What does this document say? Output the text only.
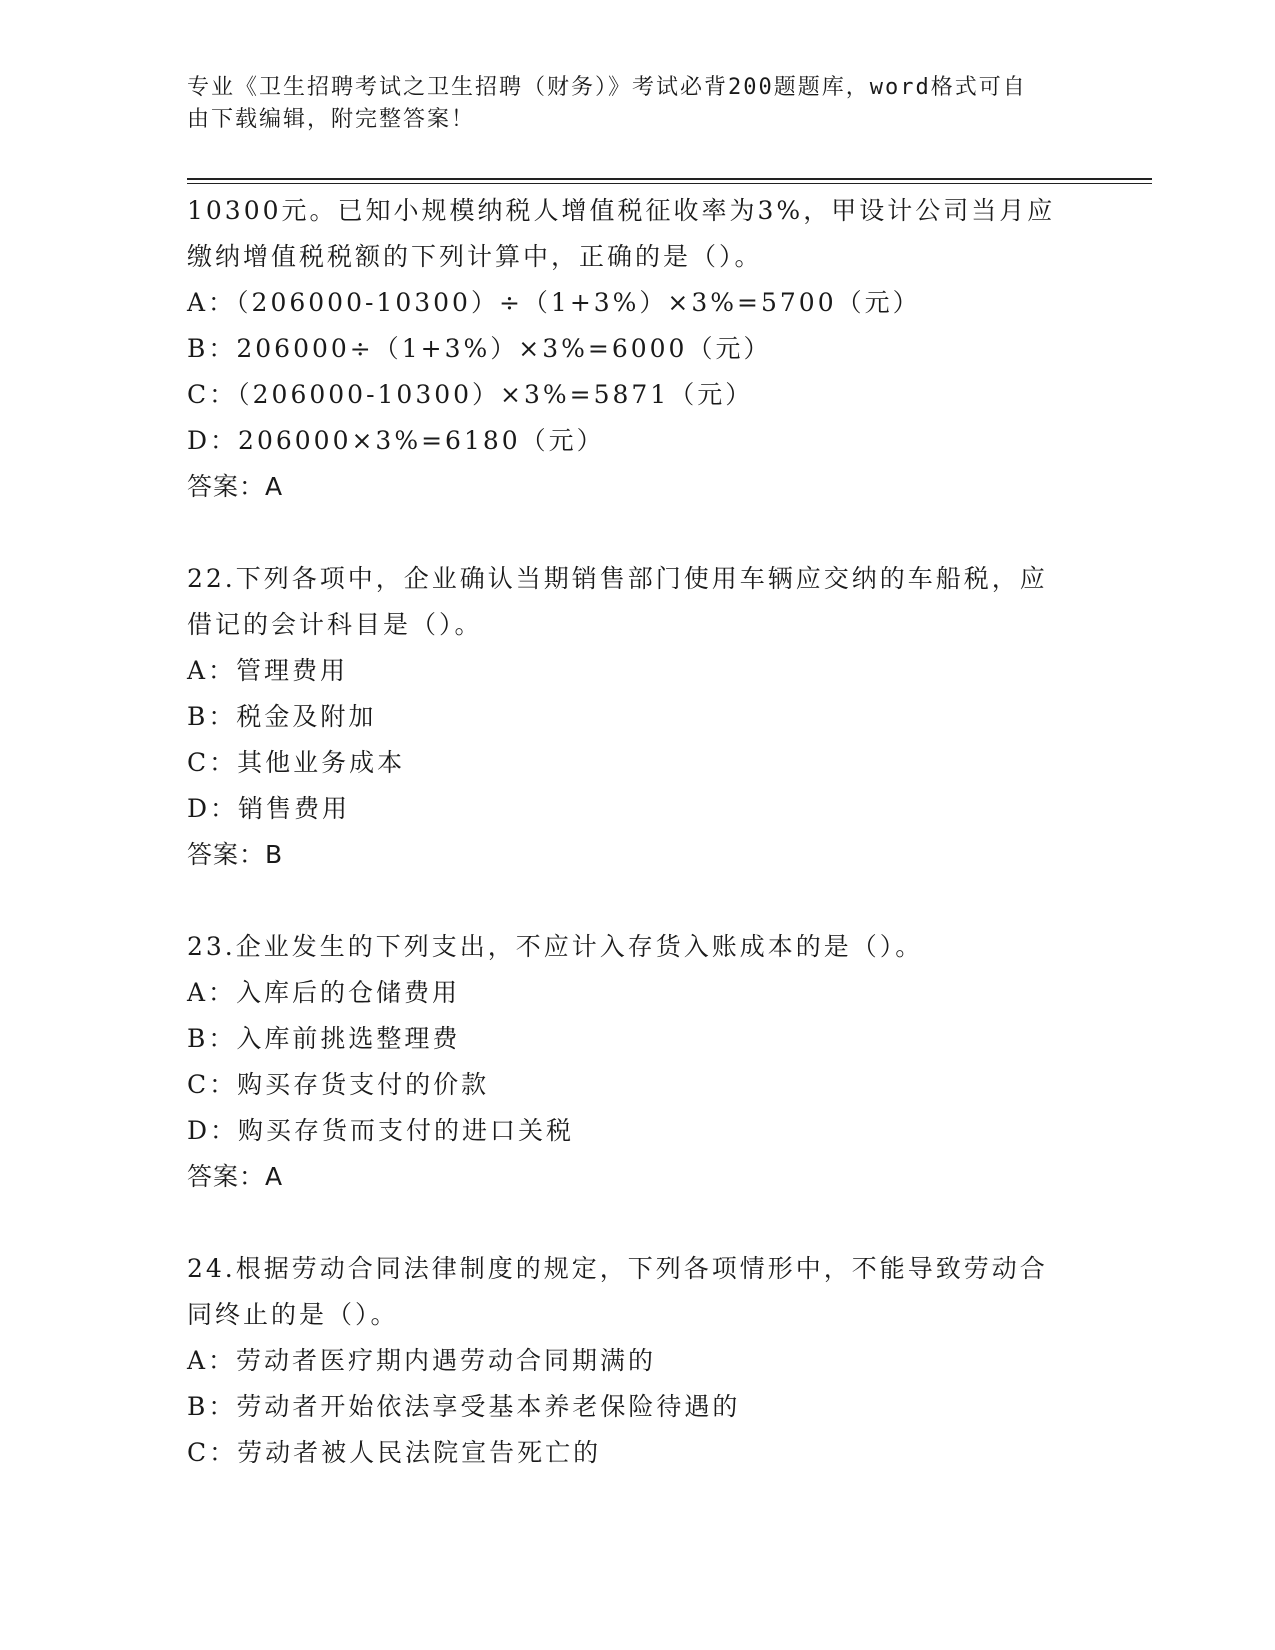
专业《卫生招聘考试之卫生招聘（财务）》考试必背200题题库，word格式可自
由下载编辑，附完整答案！
10300元。已知小规模纳税人增值税征收率为3%，甲设计公司当月应
缴纳增值税税额的下列计算中，正确的是（）。
A：（206000-10300）÷（1+3%）×3%=5700（元）
B：206000÷（1+3%）×3%=6000（元）
C：（206000-10300）×3%=5871（元）
D：206000×3%=6180（元）
答案：A
22.下列各项中，企业确认当期销售部门使用车辆应交纳的车船税，应
借记的会计科目是（）。
A：管理费用
B：税金及附加
C：其他业务成本
D：销售费用
答案：B
23.企业发生的下列支出，不应计入存货入账成本的是（）。
A：入库后的仓储费用
B：入库前挑选整理费
C：购买存货支付的价款
D：购买存货而支付的进口关税
答案：A
24.根据劳动合同法律制度的规定，下列各项情形中，不能导致劳动合
同终止的是（）。
A：劳动者医疗期内遇劳动合同期满的
B：劳动者开始依法享受基本养老保险待遇的
C：劳动者被人民法院宣告死亡的
